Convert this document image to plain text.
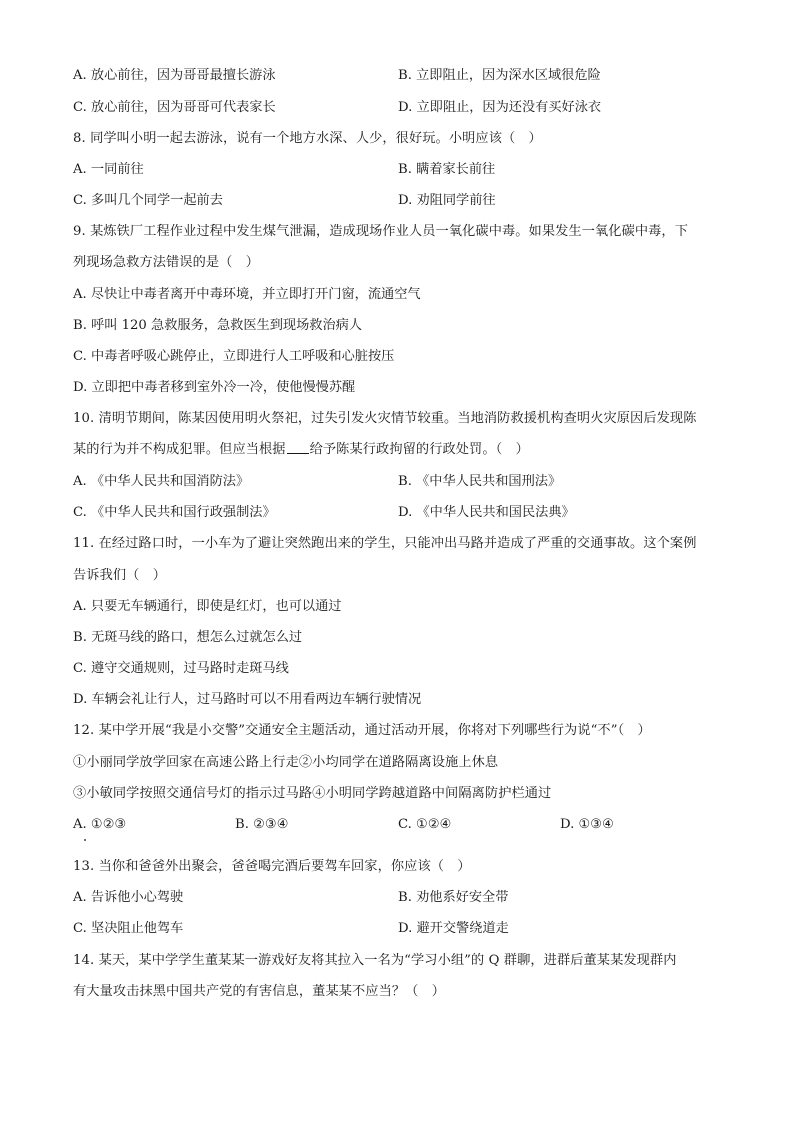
A. 放心前往，因为哥哥最擅长游泳	B. 立即阻止，因为深水区域很危险
C. 放心前往，因为哥哥可代表家长	D. 立即阻止，因为还没有买好泳衣
8. 同学叫小明一起去游泳，说有一个地方水深、人少，很好玩。小明应该（　）
A. 一同前往	B. 瞒着家长前往
C. 多叫几个同学一起前去	D. 劝阻同学前往
9. 某炼铁厂工程作业过程中发生煤气泄漏，造成现场作业人员一氧化碳中毒。如果发生一氧化碳中毒，下
列现场急救方法错误的是（　）
A. 尽快让中毒者离开中毒环境，并立即打开门窗，流通空气
B. 呼叫 120 急救服务，急救医生到现场救治病人
C. 中毒者呼吸心跳停止，立即进行人工呼吸和心脏按压
D. 立即把中毒者移到室外冷一冷，使他慢慢苏醒
10. 清明节期间，陈某因使用明火祭祀，过失引发火灾情节较重。当地消防救援机构查明火灾原因后发现陈
某的行为并不构成犯罪。但应当根据 给予陈某行政拘留的行政处罚。（　）
A. 《中华人民共和国消防法》	B. 《中华人民共和国刑法》
C. 《中华人民共和国行政强制法》	D. 《中华人民共和国民法典》
11. 在经过路口时，一小车为了避让突然跑出来的学生，只能冲出马路并造成了严重的交通事故。这个案例
告诉我们（　）
A. 只要无车辆通行，即使是红灯，也可以通过
B. 无斑马线的路口，想怎么过就怎么过
C. 遵守交通规则，过马路时走斑马线
D. 车辆会礼让行人，过马路时可以不用看两边车辆行驶情况
12. 某中学开展“我是小交警”交通安全主题活动，通过活动开展，你将对下列哪些行为说“不”（　）
①小丽同学放学回家在高速公路上行走②小均同学在道路隔离设施上休息
③小敏同学按照交通信号灯的指示过马路④小明同学跨越道路中间隔离防护栏通过
A. ①②③	B. ②③④	C. ①②④	D. ①③④
13. 当你和爸爸外出聚会，爸爸喝完酒后要驾车回家，你应该（　）
A. 告诉他小心驾驶	B. 劝他系好安全带
C. 坚决阻止他驾车	D. 避开交警绕道走
14. 某天，某中学学生董某某一游戏好友将其拉入一名为“学习小组”的 Q 群聊，进群后董某某发现群内
有大量攻击抹黑中国共产党的有害信息，董某某不应当？（　）
